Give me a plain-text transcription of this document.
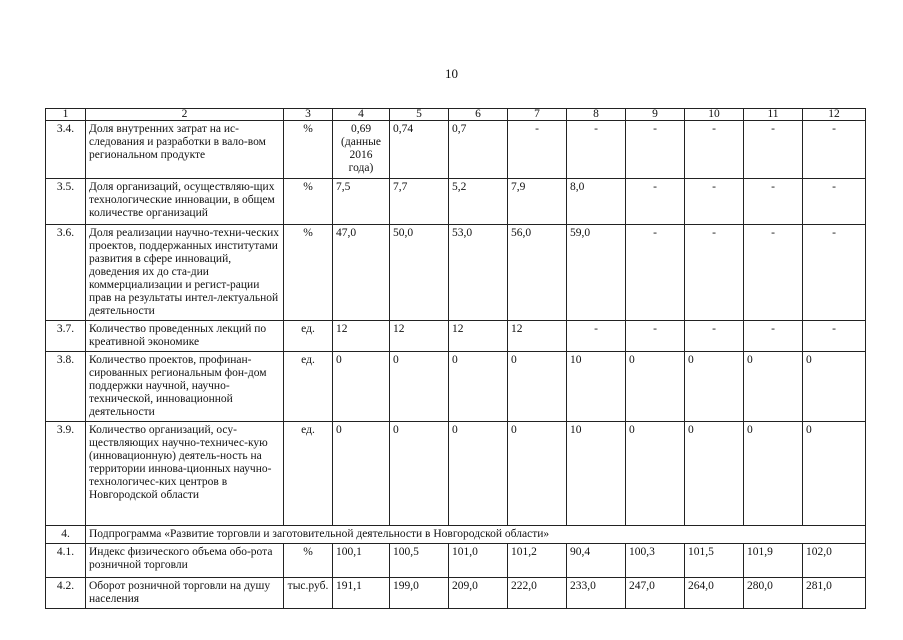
10
1	2	3	4	5	6	7	8	9	10	11	12
3.4.	Доля внутренних затрат на ис-следования и разработки в вало-вом региональном продукте	%	0,69 (данные 2016 года)	0,74	0,7	-	-	-	-	-	-
3.5.	Доля организаций, осуществляю-щих технологические инновации, в общем количестве организаций	%	7,5	7,7	5,2	7,9	8,0	-	-	-	-
3.6.	Доля реализации научно-техни-ческих проектов, поддержанных институтами развития в сфере инноваций, доведения их до ста-дии коммерциализации и регист-рации прав на результаты интел-лектуальной деятельности	%	47,0	50,0	53,0	56,0	59,0	-	-	-	-
3.7.	Количество проведенных лекций по креативной экономике	ед.	12	12	12	12	-	-	-	-	-
3.8.	Количество проектов, профинан-сированных региональным фон-дом поддержки научной, научно-технической, инновационной деятельности	ед.	0	0	0	0	10	0	0	0	0
3.9.	Количество организаций, осу-ществляющих научно-техничес-кую (инновационную) деятель-ность на территории иннова-ционных научно-технологичес-ких центров в Новгородской области	ед.	0	0	0	0	10	0	0	0	0
4.	Подпрограмма «Развитие торговли и заготовительной деятельности в Новгородской области»										
4.1.	Индекс физического объема обо-рота розничной торговли	%	100,1	100,5	101,0	101,2	90,4	100,3	101,5	101,9	102,0
4.2.	Оборот розничной торговли на душу населения	тыс.руб.	191,1	199,0	209,0	222,0	233,0	247,0	264,0	280,0	281,0
